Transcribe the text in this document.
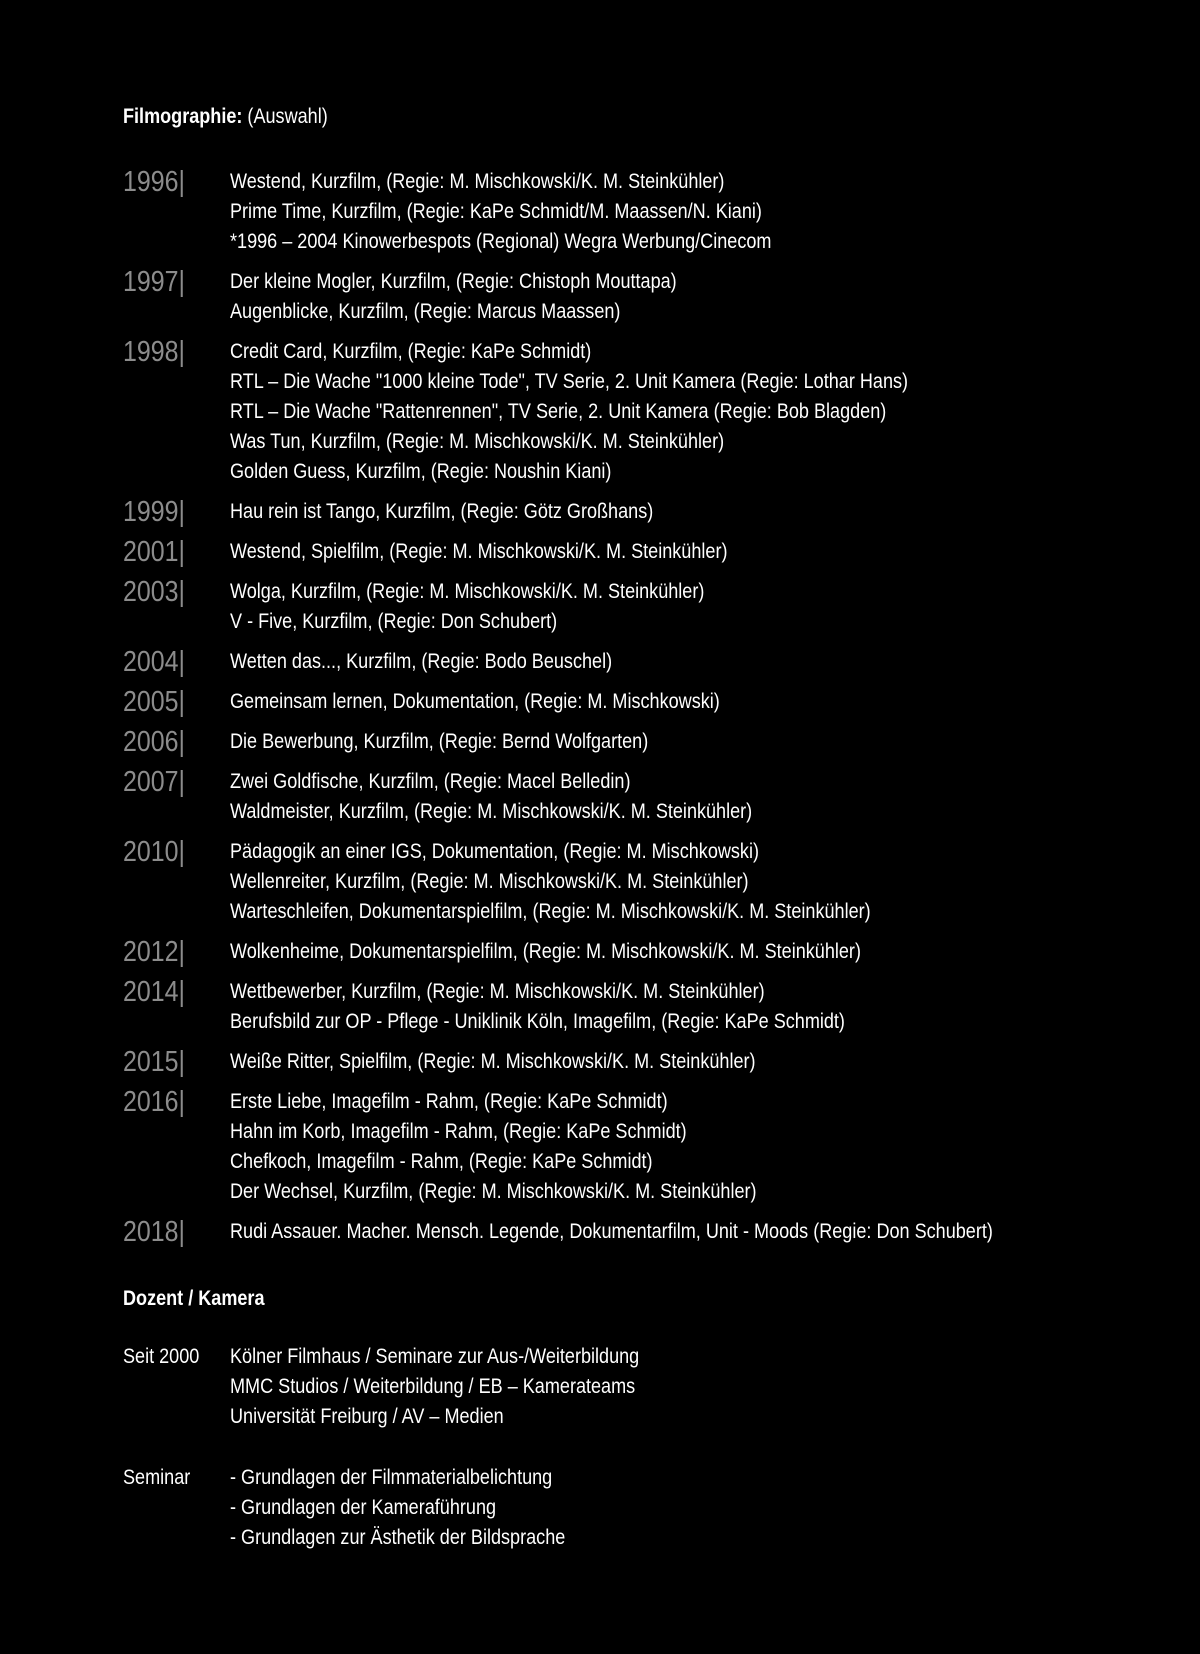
Filmographie: (Auswahl)
1996|	Westend, Kurzfilm, (Regie: M. Mischkowski/K. M. Steinkühler)
Prime Time, Kurzfilm, (Regie: KaPe Schmidt/M. Maassen/N. Kiani)
*1996 – 2004 Kinowerbespots (Regional) Wegra Werbung/Cinecom
1997|	Der kleine Mogler, Kurzfilm, (Regie: Chistoph Mouttapa)
Augenblicke, Kurzfilm, (Regie: Marcus Maassen)
1998|	Credit Card, Kurzfilm, (Regie: KaPe Schmidt)
RTL – Die Wache "1000 kleine Tode", TV Serie, 2. Unit Kamera (Regie: Lothar Hans)
RTL – Die Wache "Rattenrennen", TV Serie, 2. Unit Kamera (Regie: Bob Blagden)
Was Tun, Kurzfilm, (Regie: M. Mischkowski/K. M. Steinkühler)
Golden Guess, Kurzfilm, (Regie: Noushin Kiani)
1999|	Hau rein ist Tango, Kurzfilm, (Regie: Götz Großhans)
2001|	Westend, Spielfilm, (Regie: M. Mischkowski/K. M. Steinkühler)
2003|	Wolga, Kurzfilm, (Regie: M. Mischkowski/K. M. Steinkühler)
V - Five, Kurzfilm, (Regie: Don Schubert)
2004|	Wetten das..., Kurzfilm, (Regie: Bodo Beuschel)
2005|	Gemeinsam lernen, Dokumentation, (Regie: M. Mischkowski)
2006|	Die Bewerbung, Kurzfilm, (Regie: Bernd Wolfgarten)
2007|	Zwei Goldfische, Kurzfilm, (Regie: Macel Belledin)
Waldmeister, Kurzfilm, (Regie: M. Mischkowski/K. M. Steinkühler)
2010|	Pädagogik an einer IGS, Dokumentation, (Regie: M. Mischkowski)
Wellenreiter, Kurzfilm, (Regie: M. Mischkowski/K. M. Steinkühler)
Warteschleifen, Dokumentarspielfilm, (Regie: M. Mischkowski/K. M. Steinkühler)
2012|	Wolkenheime, Dokumentarspielfilm, (Regie: M. Mischkowski/K. M. Steinkühler)
2014|	Wettbewerber, Kurzfilm, (Regie: M. Mischkowski/K. M. Steinkühler)
Berufsbild zur OP - Pflege - Uniklinik Köln, Imagefilm, (Regie: KaPe Schmidt)
2015|	Weiße Ritter, Spielfilm, (Regie: M. Mischkowski/K. M. Steinkühler)
2016|	Erste Liebe, Imagefilm - Rahm, (Regie: KaPe Schmidt)
Hahn im Korb, Imagefilm - Rahm, (Regie: KaPe Schmidt)
Chefkoch, Imagefilm - Rahm, (Regie: KaPe Schmidt)
Der Wechsel, Kurzfilm, (Regie: M. Mischkowski/K. M. Steinkühler)
2018|	Rudi Assauer. Macher. Mensch. Legende, Dokumentarfilm, Unit - Moods (Regie: Don Schubert)
Dozent / Kamera
Seit 2000	Kölner Filmhaus / Seminare zur Aus-/Weiterbildung
MMC Studios / Weiterbildung / EB – Kamerateams
Universität Freiburg / AV – Medien
Seminar	- Grundlagen der Filmmaterialbelichtung
- Grundlagen der Kameraführung
- Grundlagen zur Ästhetik der Bildsprache
